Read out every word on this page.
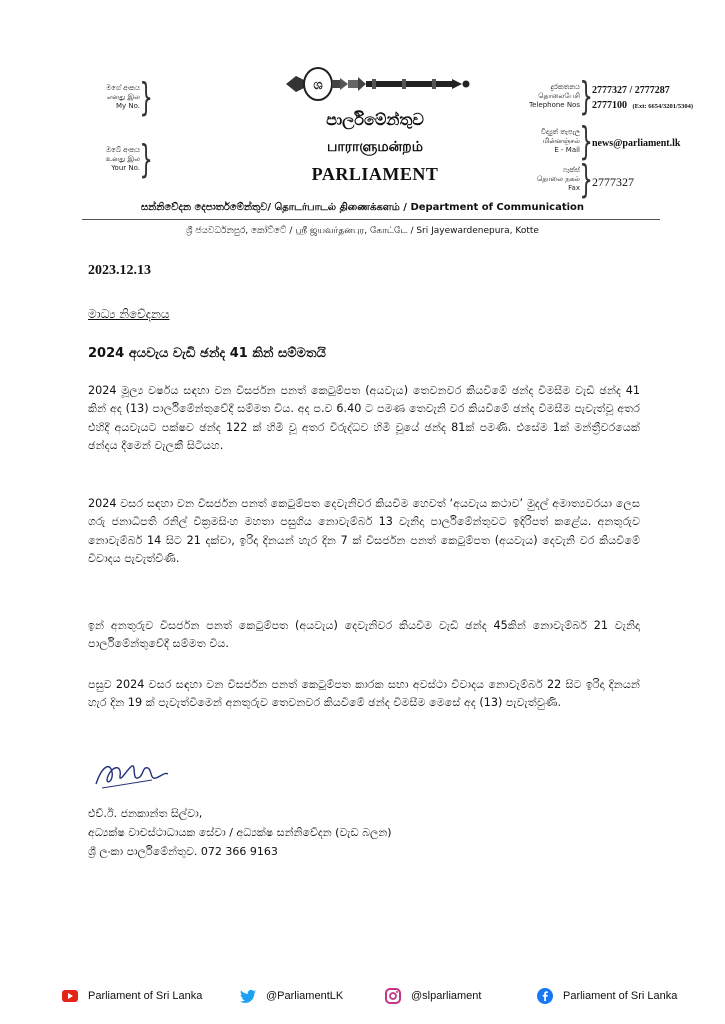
මගේ අංකය
எனது இல
My No. }
ඔබේ අංකය
உனது இல
Your No. }
ශ
පාර්ලිමේන්තුව
பாராளுமன்றம்
PARLIAMENT
දුරකතනය
தொலைபேசி
Telephone Nos } 2777327 / 2777287
2777100 (Ext: 6654/3201/5304)
විද්‍යුත් තැපැල
மின்னஞ்சல்
E - Mail } news@parliament.lk
ෆැක්ස්
தொலை நகல்
Fax } 2777327
සන්නිවේදන දෙපාර්තමේන්තුව/ தொடர்பாடல் திணைக்களம் / Department of Communication
ශ්‍රී ජයවර්ධනපුර, කෝට්ටේ / ஸ்ரீ ஜயவர்தனபுர, கோட்டே / Sri Jayewardenepura, Kotte
2023.12.13
මාධ්‍ය නිවේදනය
2024 අයවැය වැඩි ඡන්ද 41 කින් සම්මතයි
2024 මූල්‍ය වර්ෂය සඳහා වන විසර්ජන පනත් කෙටුම්පත (අයවැය) තෙවනවර කියවීමේ ඡන්ද විමසීම වැඩි ඡන්ද 41 කින් අද (13) පාර්ලිමේන්තුවේදී සම්මත විය. අද ප.ව 6.40 ට පමණ තෙවැනි වර කියවීමේ ඡන්ද විමසීම පැවැත්වූ අතර එහිදී අයවැයට පක්ෂව ඡන්ද 122 ක් හිමි වූ අතර විරුද්ධව හිමි වූයේ ඡන්ද 81ක් පමණි. එසේම 1ක් මන්ත්‍රීවරයෙක් ඡන්දය දීමෙන් වැලකී සිටියහ.
2024 වසර සඳහා වන විසර්ජන පනත් කෙටුම්පත දෙවැනිවර කියවීම හෙවත් ‘අයවැය කථාව’ මුදල් අමාත්‍යවරයා ලෙස ගරු ජනාධිපති රනිල් වික්‍රමසිංහ මහතා පසුගිය නොවැම්බර් 13 වැනිදා පාර්ලිමේන්තුවට ඉදිරිපත් කළේය. අනතුරුව නොවැම්බර් 14 සිට 21 දක්වා, ඉරිදා දිනයන් හැර දින 7 ක් විසර්ජන පනත් කෙටුම්පත (අයවැය) දෙවැනි වර කියවීමේ විවාදය පැවැත්විණි.
ඉන් අනතුරුව විසර්ජන පනත් කෙටුම්පත (අයවැය) දෙවැනිවර කියවීම වැඩි ඡන්ද 45කින් නොවැම්බර් 21 වැනිදා පාර්ලිමේන්තුවේදී සම්මත විය.
පසුව 2024 වසර සඳහා වන විසර්ජන පනත් කෙටුම්පත කාරක සභා අවස්ථා විවාදය නොවැම්බර් 22 සිට ඉරිදා දිනයන් හැර දින 19 ක් පැවැත්වීමෙන් අනතුරුව තෙවනවර කියවීමේ ඡන්ද විමසීම මෙසේ අද (13) පැවැත්වුණි.
එච්.ඊ. ජනකාන්ත සිල්වා,
අධ්‍යක්ෂ වාචස්ථාධායක සේවා / අධ්‍යක්ෂ සන්නිවේදන (වැඩ බලන)
ශ්‍රී ලංකා පාර්ලිමේන්තුව. 072 366 9163
Parliament of Sri Lanka	@ParliamentLK	@slparliament	Parliament of Sri Lanka
